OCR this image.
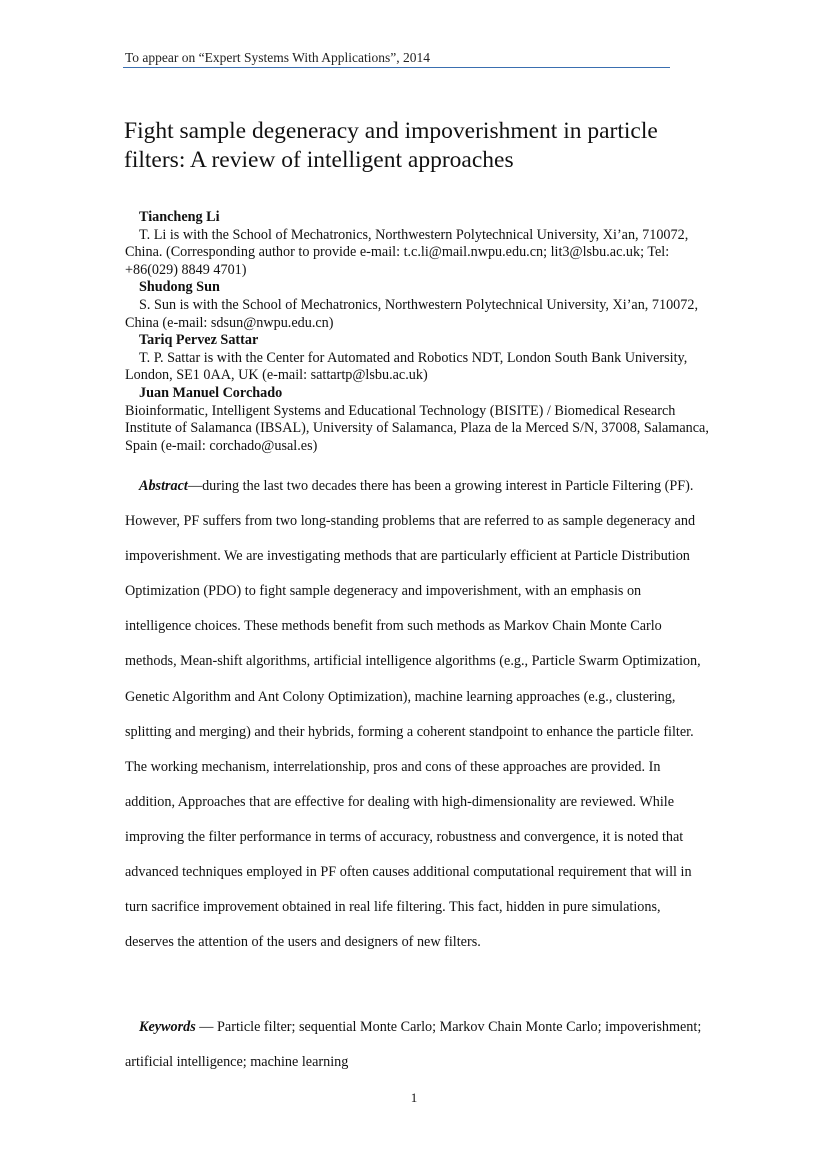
To appear on “Expert Systems With Applications”, 2014
Fight sample degeneracy and impoverishment in particle filters: A review of intelligent approaches
Tiancheng Li
T. Li is with the School of Mechatronics, Northwestern Polytechnical University, Xi’an, 710072, China. (Corresponding author to provide e-mail: t.c.li@mail.nwpu.edu.cn; lit3@lsbu.ac.uk; Tel: +86(029) 8849 4701)
Shudong Sun
S. Sun is with the School of Mechatronics, Northwestern Polytechnical University, Xi’an, 710072, China (e-mail: sdsun@nwpu.edu.cn)
Tariq Pervez Sattar
T. P. Sattar is with the Center for Automated and Robotics NDT, London South Bank University, London, SE1 0AA, UK (e-mail: sattartp@lsbu.ac.uk)
Juan Manuel Corchado
Bioinformatic, Intelligent Systems and Educational Technology (BISITE) / Biomedical Research Institute of Salamanca (IBSAL), University of Salamanca, Plaza de la Merced S/N, 37008, Salamanca, Spain (e-mail: corchado@usal.es)
Abstract—during the last two decades there has been a growing interest in Particle Filtering (PF). However, PF suffers from two long-standing problems that are referred to as sample degeneracy and impoverishment. We are investigating methods that are particularly efficient at Particle Distribution Optimization (PDO) to fight sample degeneracy and impoverishment, with an emphasis on intelligence choices. These methods benefit from such methods as Markov Chain Monte Carlo methods, Mean-shift algorithms, artificial intelligence algorithms (e.g., Particle Swarm Optimization, Genetic Algorithm and Ant Colony Optimization), machine learning approaches (e.g., clustering, splitting and merging) and their hybrids, forming a coherent standpoint to enhance the particle filter. The working mechanism, interrelationship, pros and cons of these approaches are provided. In addition, Approaches that are effective for dealing with high-dimensionality are reviewed. While improving the filter performance in terms of accuracy, robustness and convergence, it is noted that advanced techniques employed in PF often causes additional computational requirement that will in turn sacrifice improvement obtained in real life filtering. This fact, hidden in pure simulations, deserves the attention of the users and designers of new filters.
Keywords — Particle filter; sequential Monte Carlo; Markov Chain Monte Carlo; impoverishment; artificial intelligence; machine learning
1
